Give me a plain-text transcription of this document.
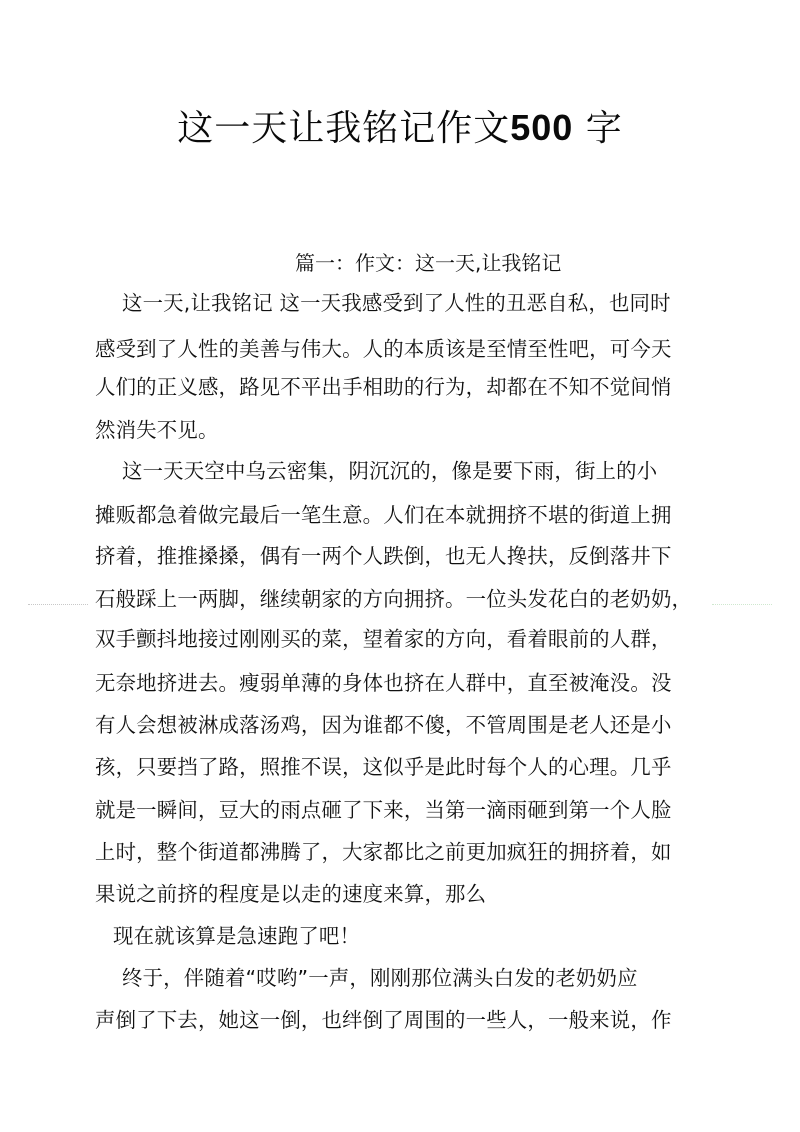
这一天让我铭记作文500 字
篇一：作文：这一天,让我铭记
这一天,让我铭记 这一天我感受到了人性的丑恶自私，也同时
感受到了人性的美善与伟大。人的本质该是至情至性吧，可今天
人们的正义感，路见不平出手相助的行为，却都在不知不觉间悄
然消失不见。
这一天天空中乌云密集，阴沉沉的，像是要下雨，街上的小
摊贩都急着做完最后一笔生意。人们在本就拥挤不堪的街道上拥
挤着，推推搡搡，偶有一两个人跌倒，也无人搀扶，反倒落井下
石般踩上一两脚，继续朝家的方向拥挤。一位头发花白的老奶奶，
双手颤抖地接过刚刚买的菜，望着家的方向，看着眼前的人群，
无奈地挤进去。瘦弱单薄的身体也挤在人群中，直至被淹没。没
有人会想被淋成落汤鸡，因为谁都不傻，不管周围是老人还是小
孩，只要挡了路，照推不误，这似乎是此时每个人的心理。几乎
就是一瞬间，豆大的雨点砸了下来，当第一滴雨砸到第一个人脸
上时，整个街道都沸腾了，大家都比之前更加疯狂的拥挤着，如
果说之前挤的程度是以走的速度来算，那么
现在就该算是急速跑了吧！
终于，伴随着“哎哟”一声，刚刚那位满头白发的老奶奶应
声倒了下去，她这一倒，也绊倒了周围的一些人，一般来说，作
